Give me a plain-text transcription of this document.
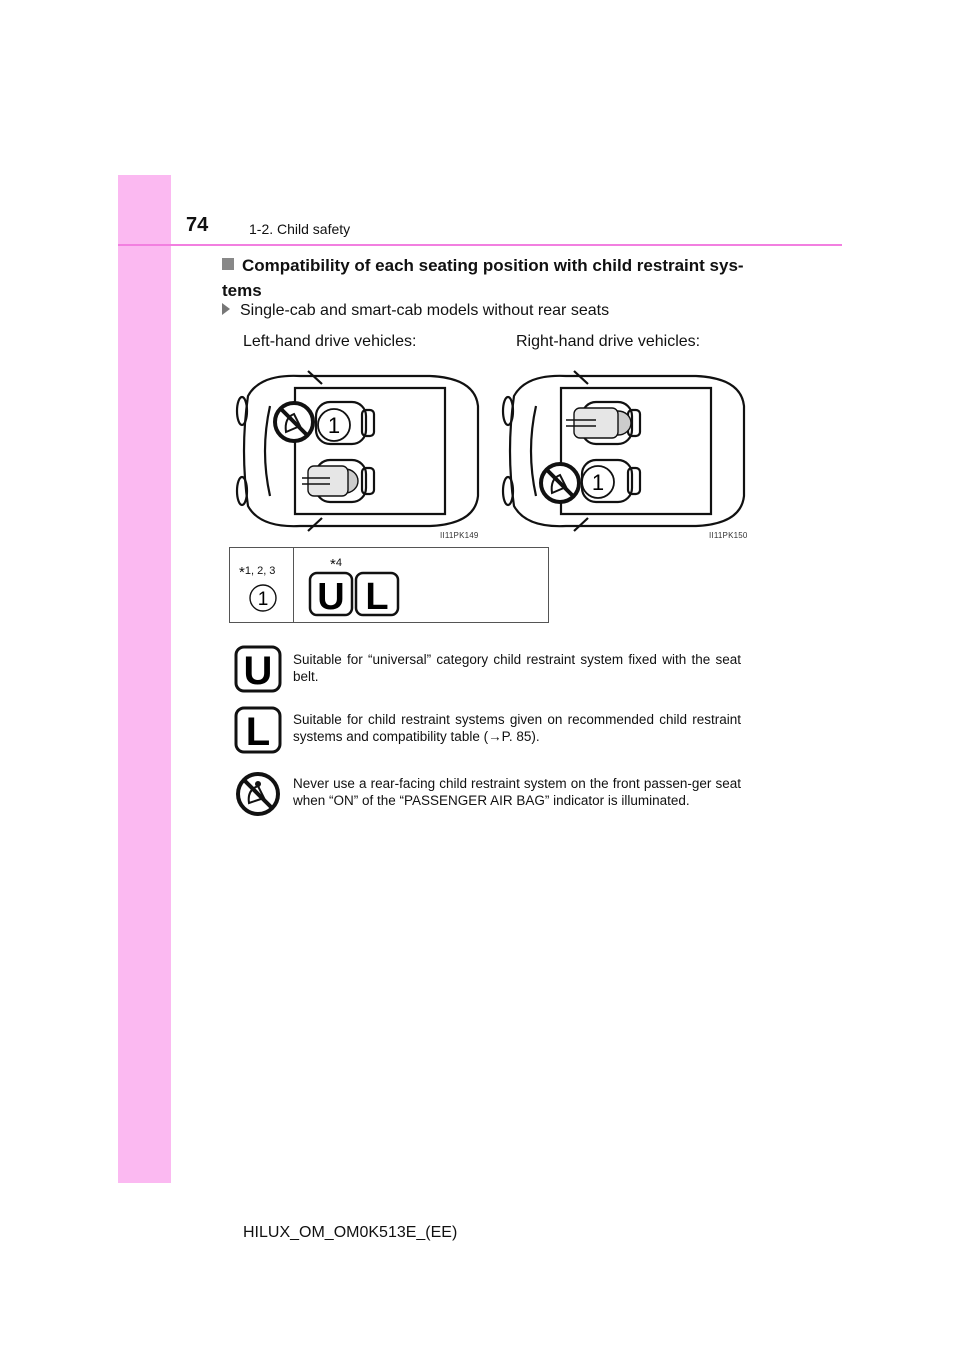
74	1-2. Child safety
Compatibility of each seating position with child restraint sys-tems
Single-cab and smart-cab models without rear seats
Left-hand drive vehicles:	Right-hand drive vehicles:
1
II11PK149
1
II11PK150
*1, 2, 3
1
*4
U L
U Suitable for “universal” category child restraint system fixed with the seat belt.
L Suitable for child restraint systems given on recommended child restraint systems and compatibility table (→P. 85).
Never use a rear-facing child restraint system on the front passen-ger seat when “ON” of the “PASSENGER AIR BAG” indicator is illuminated.
HILUX_OM_OM0K513E_(EE)
